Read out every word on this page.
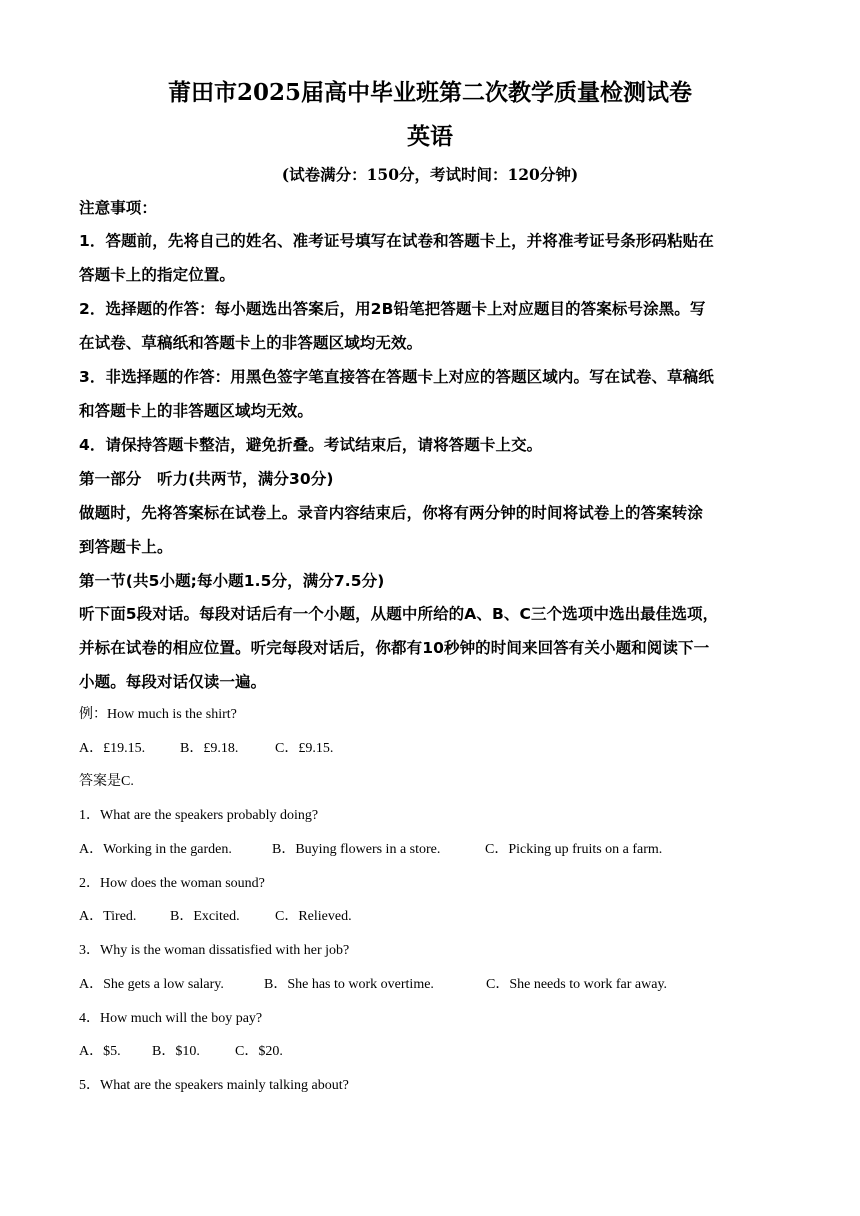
莆田市2025届高中毕业班第二次教学质量检测试卷
英语
(试卷满分：150分，考试时间：120分钟)
注意事项：
1．答题前，先将自己的姓名、准考证号填写在试卷和答题卡上，并将准考证号条形码粘贴在
答题卡上的指定位置。
2．选择题的作答：每小题选出答案后，用2B铅笔把答题卡上对应题目的答案标号涂黑。写
在试卷、草稿纸和答题卡上的非答题区域均无效。
3．非选择题的作答：用黑色签字笔直接答在答题卡上对应的答题区域内。写在试卷、草稿纸
和答题卡上的非答题区域均无效。
4．请保持答题卡整洁，避免折叠。考试结束后，请将答题卡上交。
第一部分　听力(共两节，满分30分)
做题时，先将答案标在试卷上。录音内容结束后，你将有两分钟的时间将试卷上的答案转涂
到答题卡上。
第一节(共5小题;每小题1.5分，满分7.5分)
听下面5段对话。每段对话后有一个小题，从题中所给的A、B、C三个选项中选出最佳选项，
并标在试卷的相应位置。听完每段对话后，你都有10秒钟的时间来回答有关小题和阅读下一
小题。每段对话仅读一遍。
例：How much is the shirt?
A．£19.15. B．£9.18.	C．£9.15.
答案是C.
1．What are the speakers probably doing?
A．Working in the garden.	B．Buying flowers in a store.	C．Picking up fruits on a farm.
2．How does the woman sound?
A．Tired. B．Excited.	C．Relieved.
3．Why is the woman dissatisfied with her job?
A．She gets a low salary.	B．She has to work overtime.	C．She needs to work far away.
4．How much will the boy pay?
A．$5. B．$10.	C．$20.
5．What are the speakers mainly talking about?
